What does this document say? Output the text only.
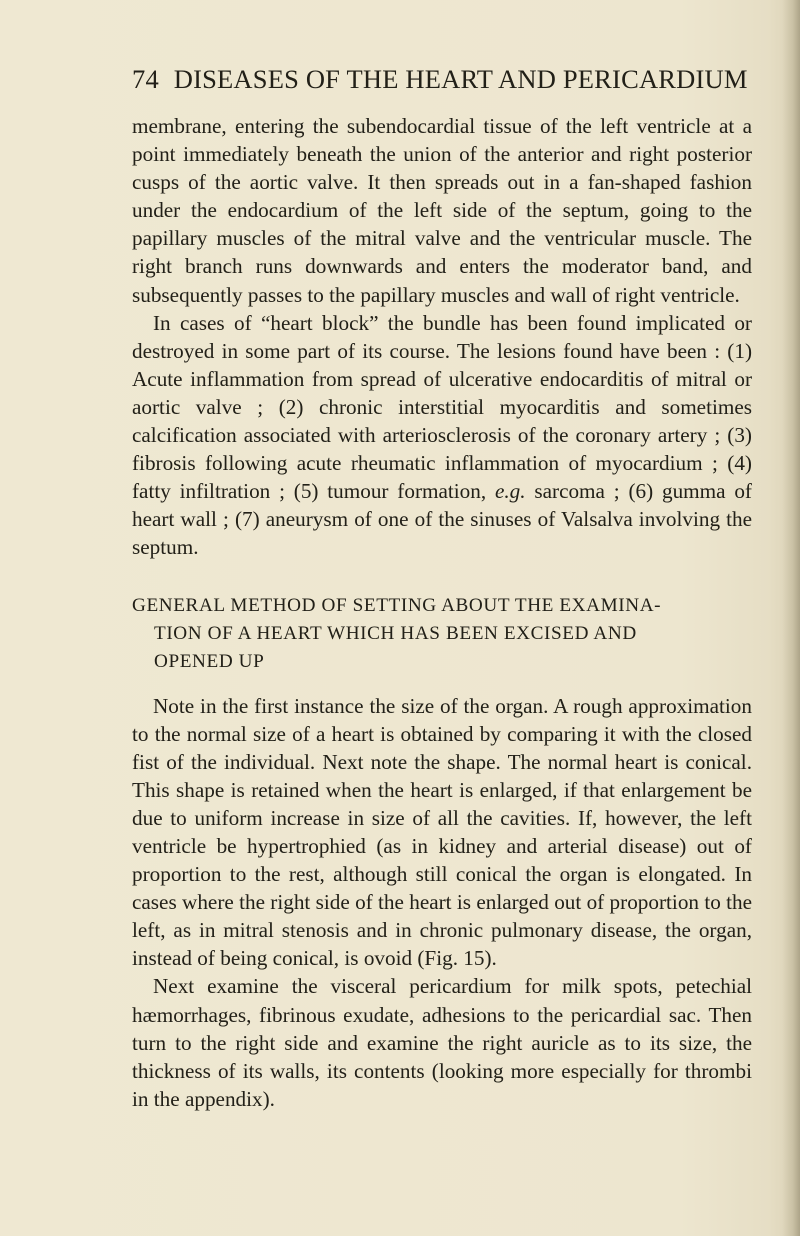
74 DISEASES OF THE HEART AND PERICARDIUM

membrane, entering the subendocardial tissue of the left ventricle at a point immediately beneath the union of the anterior and right posterior cusps of the aortic valve. It then spreads out in a fan-shaped fashion under the endocardium of the left side of the septum, going to the papillary muscles of the mitral valve and the ventricular muscle. The right branch runs downwards and enters the moderator band, and subsequently passes to the papillary muscles and wall of right ventricle.

In cases of “heart block” the bundle has been found implicated or destroyed in some part of its course. The lesions found have been : (1) Acute inflammation from spread of ulcerative endocarditis of mitral or aortic valve ; (2) chronic interstitial myocarditis and sometimes calcification associated with arteriosclerosis of the coronary artery ; (3) fibrosis following acute rheumatic inflammation of myocardium ; (4) fatty infiltration ; (5) tumour formation, e.g. sarcoma ; (6) gumma of heart wall ; (7) aneurysm of one of the sinuses of Valsalva involving the septum.

GENERAL METHOD OF SETTING ABOUT THE EXAMINA-
TION OF A HEART WHICH HAS BEEN EXCISED AND
OPENED UP

Note in the first instance the size of the organ. A rough approximation to the normal size of a heart is obtained by comparing it with the closed fist of the individual. Next note the shape. The normal heart is conical. This shape is retained when the heart is enlarged, if that enlargement be due to uniform increase in size of all the cavities. If, however, the left ventricle be hypertrophied (as in kidney and arterial disease) out of proportion to the rest, although still conical the organ is elongated. In cases where the right side of the heart is enlarged out of proportion to the left, as in mitral stenosis and in chronic pulmonary disease, the organ, instead of being conical, is ovoid (Fig. 15).

Next examine the visceral pericardium for milk spots, petechial hæmorrhages, fibrinous exudate, adhesions to the pericardial sac. Then turn to the right side and examine the right auricle as to its size, the thickness of its walls, its contents (looking more especially for thrombi in the appendix).
